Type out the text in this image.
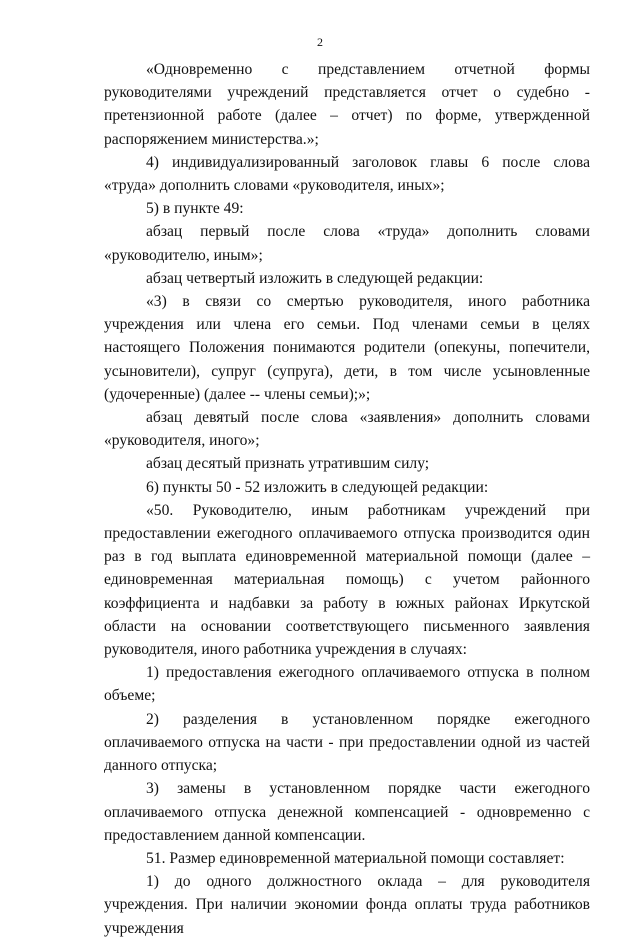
2

«Одновременно с представлением отчетной формы руководителями учреждений представляется отчет о судебно - претензионной работе (далее – отчет) по форме, утвержденной распоряжением министерства.»;

4) индивидуализированный заголовок главы 6 после слова «труда» дополнить словами «руководителя, иных»;

5) в пункте 49:

абзац первый после слова «труда» дополнить словами «руководителю, иным»;

абзац четвертый изложить в следующей редакции:

«3) в связи со смертью руководителя, иного работника учреждения или члена его семьи. Под членами семьи в целях настоящего Положения понимаются родители (опекуны, попечители, усыновители), супруг (супруга), дети, в том числе усыновленные (удочеренные) (далее -- члены семьи);»;

абзац девятый после слова «заявления» дополнить словами «руководителя, иного»;

абзац десятый признать утратившим силу;

6) пункты 50 - 52 изложить в следующей редакции:

«50. Руководителю, иным работникам учреждений при предоставлении ежегодного оплачиваемого отпуска производится один раз в год выплата единовременной материальной помощи (далее – единовременная материальная помощь) с учетом районного коэффициента и надбавки за работу в южных районах Иркутской области на основании соответствующего письменного заявления руководителя, иного работника учреждения в случаях:

1) предоставления ежегодного оплачиваемого отпуска в полном объеме;

2) разделения в установленном порядке ежегодного оплачиваемого отпуска на части - при предоставлении одной из частей данного отпуска;

3) замены в установленном порядке части ежегодного оплачиваемого отпуска денежной компенсацией - одновременно с предоставлением данной компенсации.

51. Размер единовременной материальной помощи составляет:

1) до одного должностного оклада – для руководителя учреждения. При наличии экономии фонда оплаты труда работников учреждения
